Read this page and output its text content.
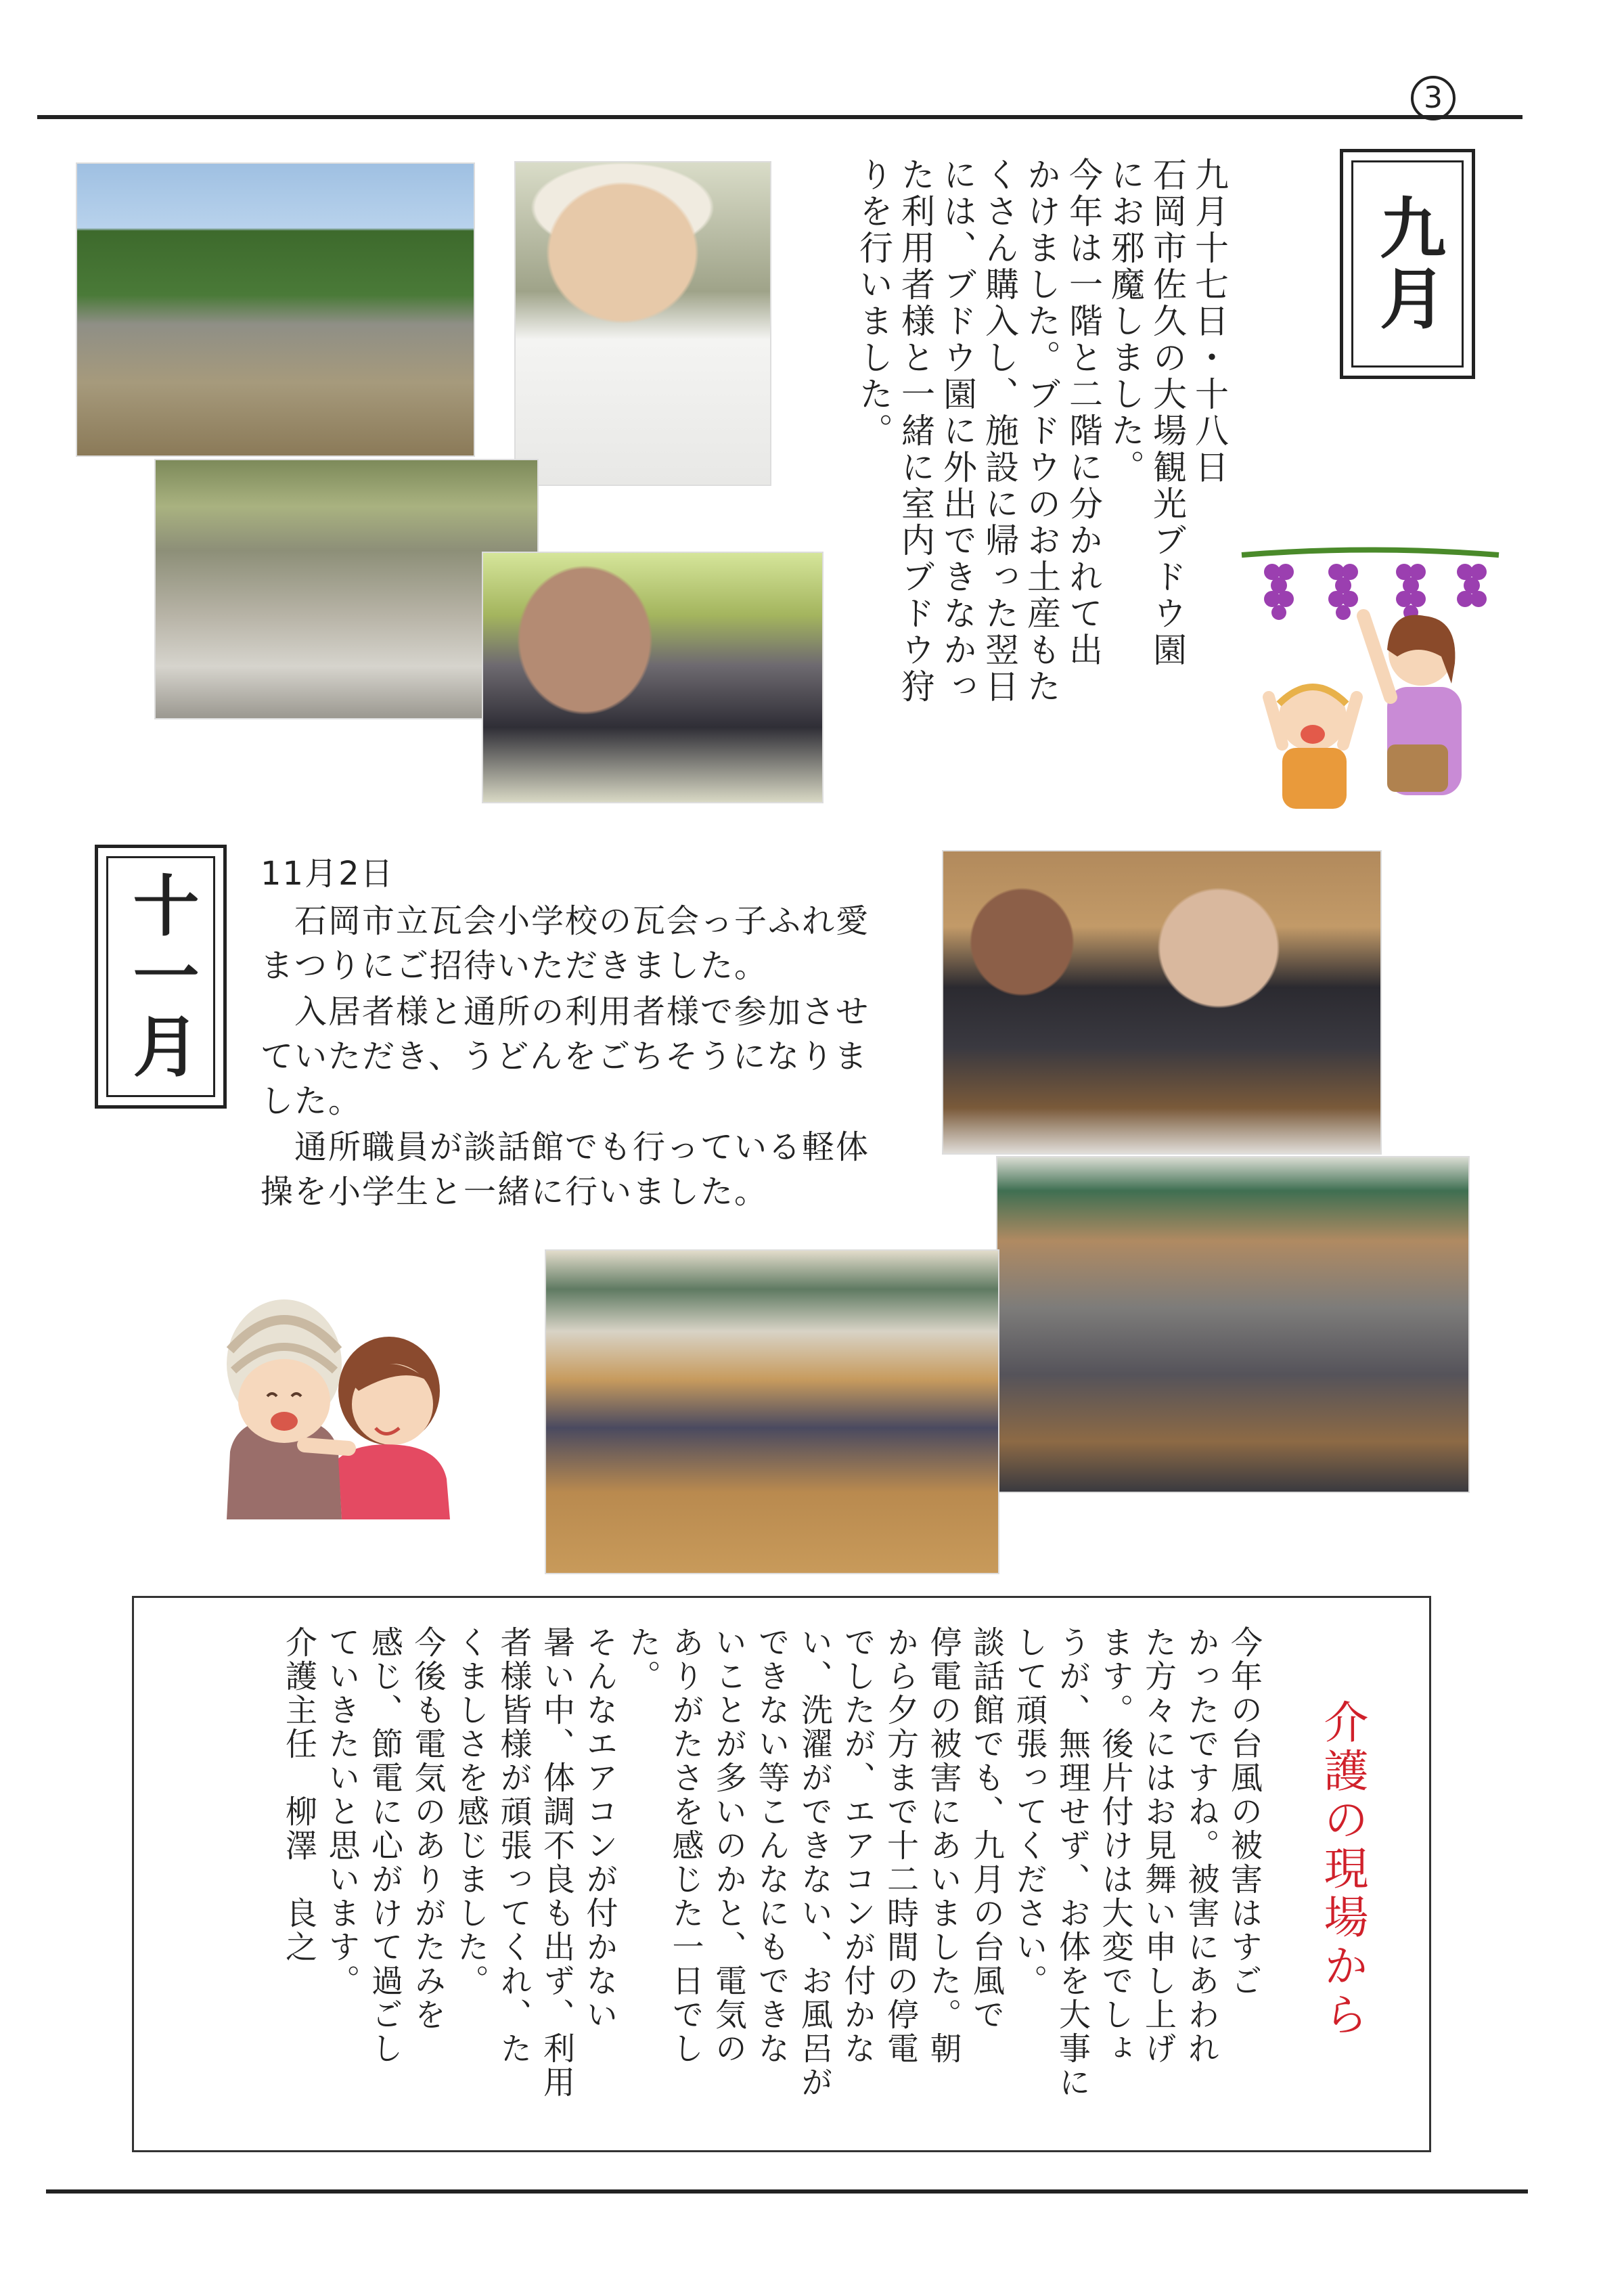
3
九月十七日・十八日
石岡市佐久の大場観光ブドウ園
にお邪魔しました。
今年は一階と二階に分かれて出
かけました。ブドウのお土産もた
くさん購入し、施設に帰った翌日
には、ブドウ園に外出できなかっ
た利用者様と一緒に室内ブドウ狩
りを行いました。	九月
十一月	11月2日
　石岡市立瓦会小学校の瓦会っ子ふれ愛まつりにご招待いただきました。
　入居者様と通所の利用者様で参加させていただき、うどんをごちそうになりました。
　通所職員が談話館でも行っている軽体操を小学生と一緒に行いました。
介護の現場から
今年の台風の被害はすご
かったですね。被害にあわれ
た方々にはお見舞い申し上げ
ます。後片付けは大変でしょ
うが、無理せず、お体を大事に
して頑張ってください。
談話館でも、九月の台風で
停電の被害にあいました。朝
から夕方まで十二時間の停電
でしたが、エアコンが付かな
い、洗濯ができない、お風呂が
できない等こんなにもできな
いことが多いのかと、電気の
ありがたさを感じた一日でし
た。
そんなエアコンが付かない
暑い中、体調不良も出ず、利用
者様皆様が頑張ってくれ、た
くましさを感じました。
今後も電気のありがたみを
感じ、節電に心がけて過ごし
ていきたいと思います。
介護主任　柳澤　良之
